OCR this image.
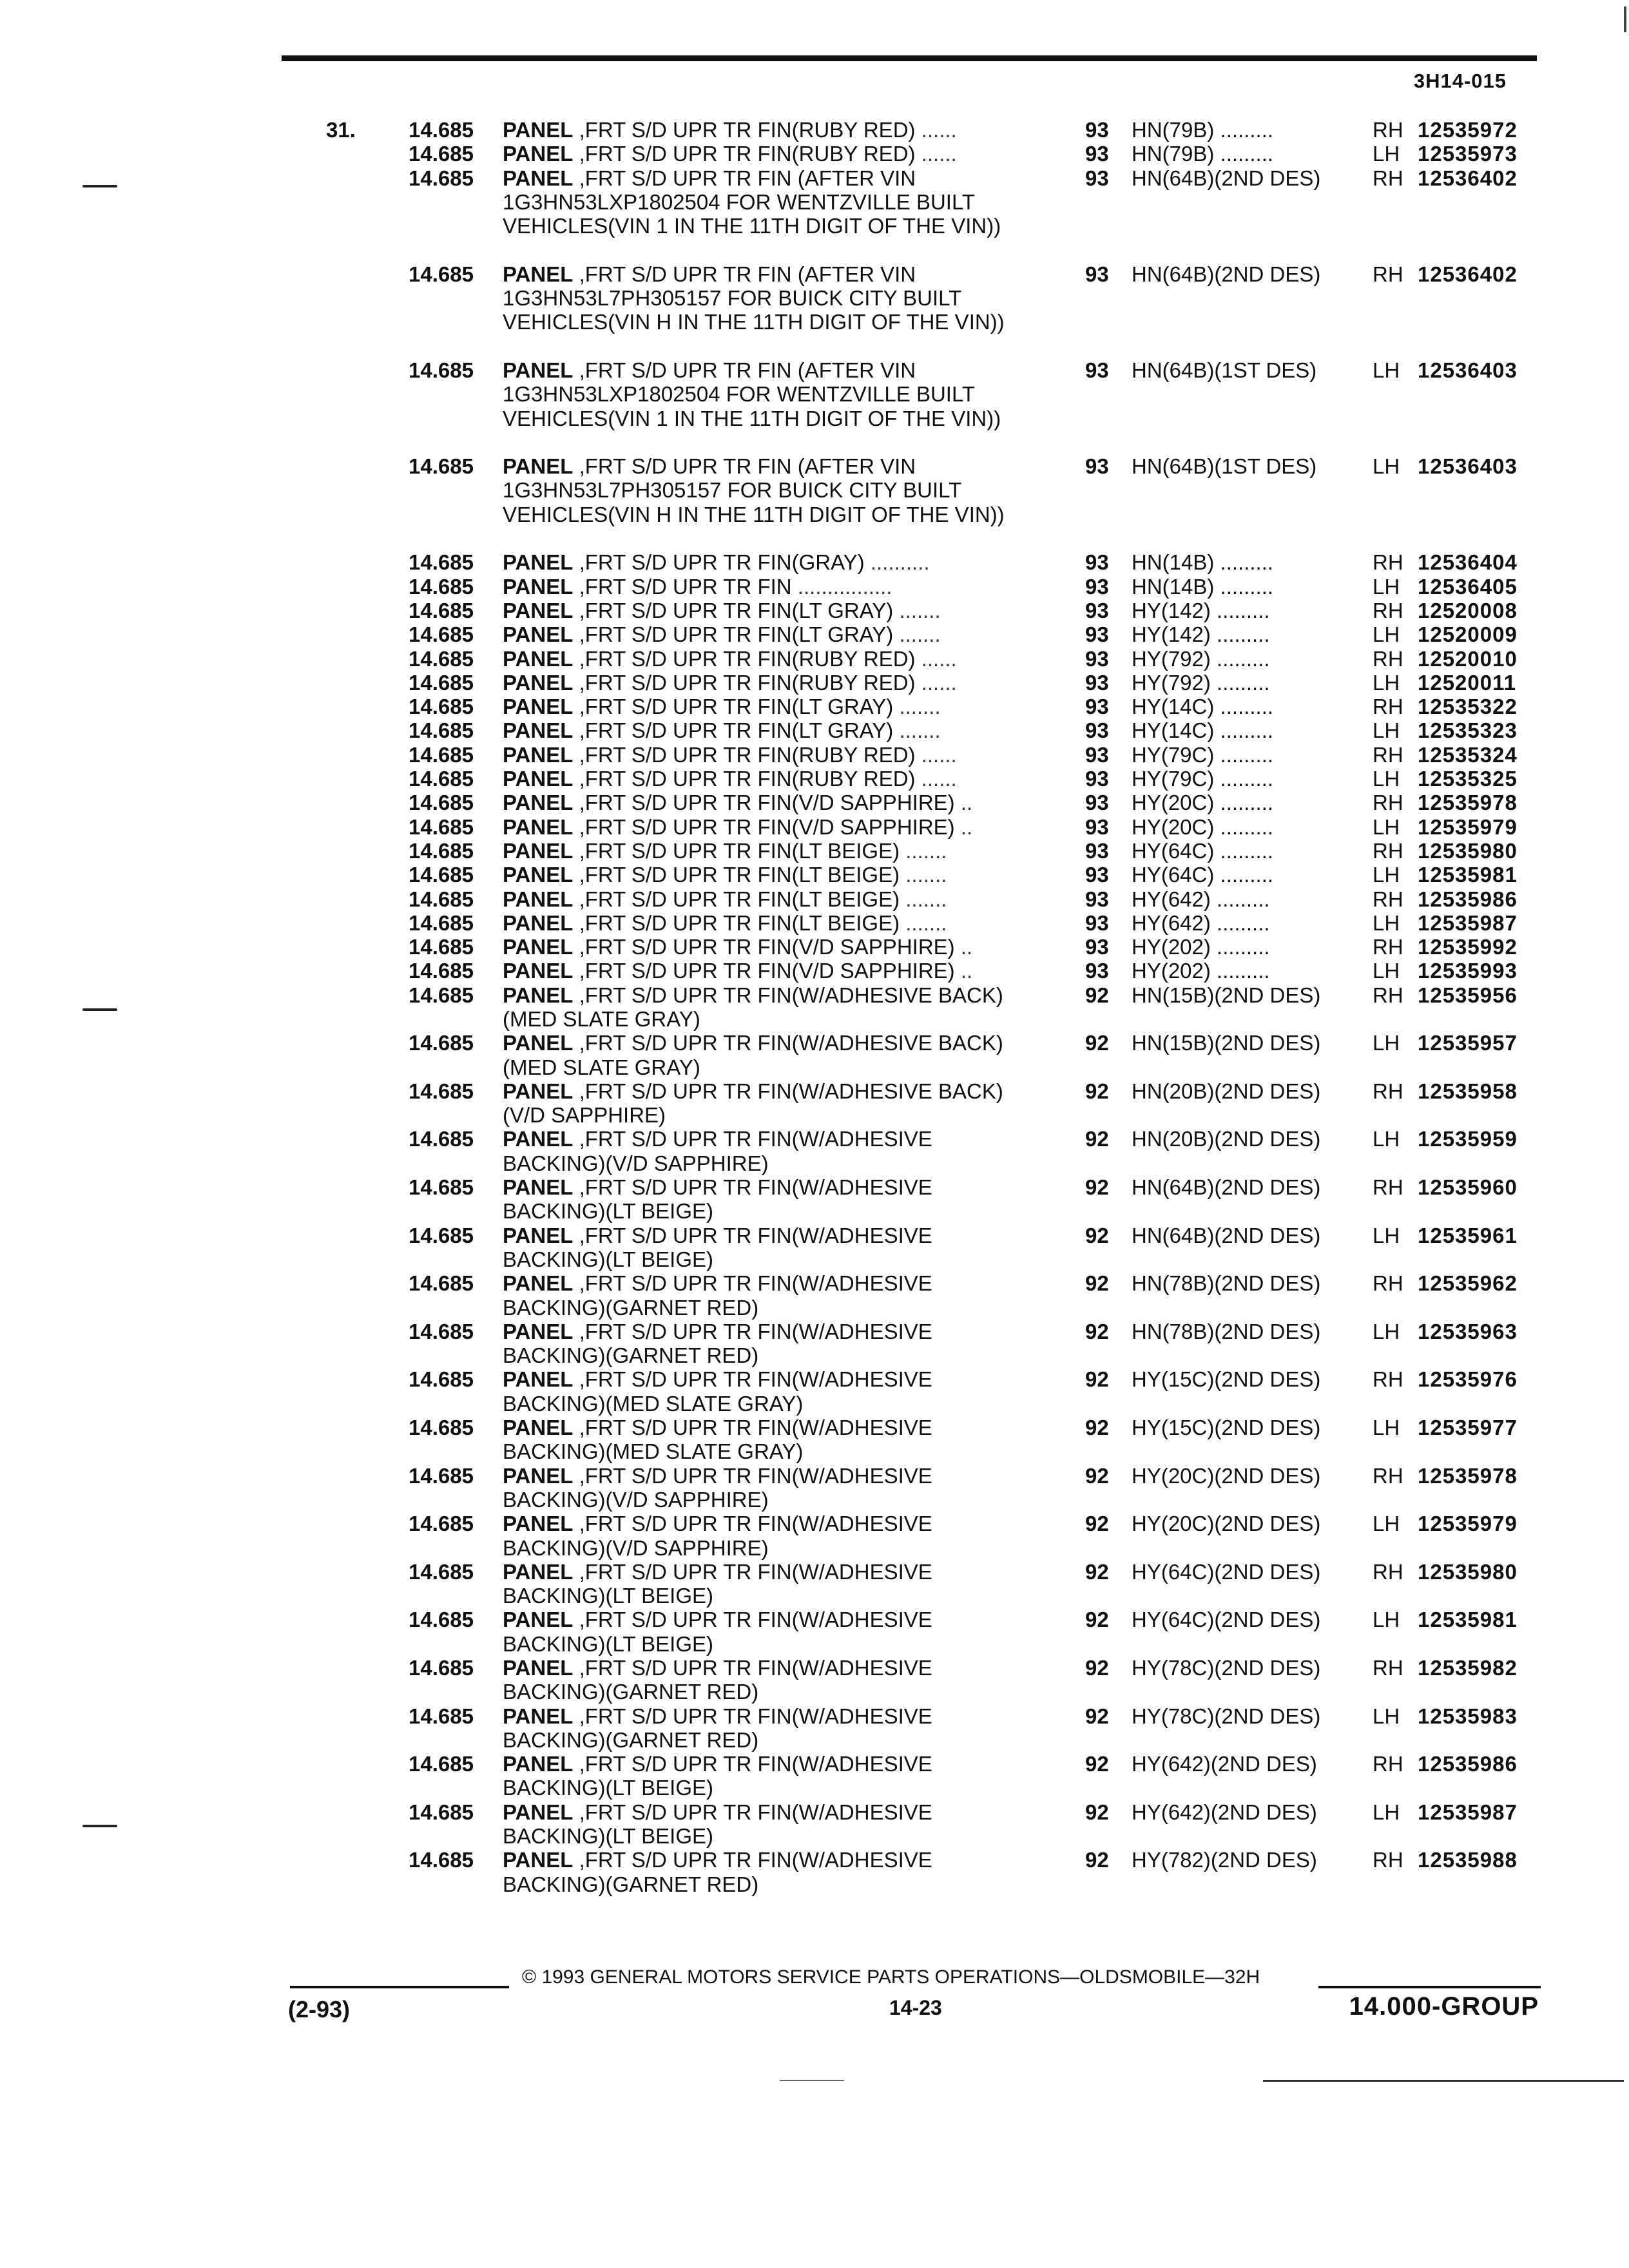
3H14-015
31. 14.685 PANEL ,FRT S/D UPR TR FIN(RUBY RED) ......	93 HN(79B) .........	RH 12535972
14.685 PANEL ,FRT S/D UPR TR FIN(RUBY RED) ......	93 HN(79B) .........	LH 12535973
14.685 PANEL ,FRT S/D UPR TR FIN (AFTER VIN 1G3HN53LXP1802504 FOR WENTZVILLE BUILT VEHICLES(VIN 1 IN THE 11TH DIGIT OF THE VIN))
93 HN(64B)(2ND DES)	RH 12536402
14.685 PANEL ,FRT S/D UPR TR FIN (AFTER VIN 1G3HN53L7PH305157 FOR BUICK CITY BUILT VEHICLES(VIN H IN THE 11TH DIGIT OF THE VIN))
93 HN(64B)(2ND DES)	RH 12536402
14.685 PANEL ,FRT S/D UPR TR FIN (AFTER VIN 1G3HN53LXP1802504 FOR WENTZVILLE BUILT VEHICLES(VIN 1 IN THE 11TH DIGIT OF THE VIN))
93 HN(64B)(1ST DES)	LH 12536403
14.685 PANEL ,FRT S/D UPR TR FIN (AFTER VIN 1G3HN53L7PH305157 FOR BUICK CITY BUILT VEHICLES(VIN H IN THE 11TH DIGIT OF THE VIN))
93 HN(64B)(1ST DES)	LH 12536403
14.685 PANEL ,FRT S/D UPR TR FIN(GRAY) ..........	93 HN(14B) .........	RH 12536404
14.685 PANEL ,FRT S/D UPR TR FIN ................	93 HN(14B) .........	LH 12536405
14.685 PANEL ,FRT S/D UPR TR FIN(LT GRAY) .......	93 HY(142) .........	RH 12520008
14.685 PANEL ,FRT S/D UPR TR FIN(LT GRAY) .......	93 HY(142) .........	LH 12520009
14.685 PANEL ,FRT S/D UPR TR FIN(RUBY RED) ......	93 HY(792) .........	RH 12520010
14.685 PANEL ,FRT S/D UPR TR FIN(RUBY RED) ......	93 HY(792) .........	LH 12520011
14.685 PANEL ,FRT S/D UPR TR FIN(LT GRAY) .......	93 HY(14C) .........	RH 12535322
14.685 PANEL ,FRT S/D UPR TR FIN(LT GRAY) .......	93 HY(14C) .........	LH 12535323
14.685 PANEL ,FRT S/D UPR TR FIN(RUBY RED) ......	93 HY(79C) .........	RH 12535324
14.685 PANEL ,FRT S/D UPR TR FIN(RUBY RED) ......	93 HY(79C) .........	LH 12535325
14.685 PANEL ,FRT S/D UPR TR FIN(V/D SAPPHIRE) ..	93 HY(20C) .........	RH 12535978
14.685 PANEL ,FRT S/D UPR TR FIN(V/D SAPPHIRE) ..	93 HY(20C) .........	LH 12535979
14.685 PANEL ,FRT S/D UPR TR FIN(LT BEIGE) .......	93 HY(64C) .........	RH 12535980
14.685 PANEL ,FRT S/D UPR TR FIN(LT BEIGE) .......	93 HY(64C) .........	LH 12535981
14.685 PANEL ,FRT S/D UPR TR FIN(LT BEIGE) .......	93 HY(642) .........	RH 12535986
14.685 PANEL ,FRT S/D UPR TR FIN(LT BEIGE) .......	93 HY(642) .........	LH 12535987
14.685 PANEL ,FRT S/D UPR TR FIN(V/D SAPPHIRE) ..	93 HY(202) .........	RH 12535992
14.685 PANEL ,FRT S/D UPR TR FIN(V/D SAPPHIRE) ..	93 HY(202) .........	LH 12535993
14.685 PANEL ,FRT S/D UPR TR FIN(W/ADHESIVE BACK)(MED SLATE GRAY)
92 HN(15B)(2ND DES)	RH 12535956
14.685 PANEL ,FRT S/D UPR TR FIN(W/ADHESIVE BACK)(MED SLATE GRAY)
92 HN(15B)(2ND DES)	LH 12535957
14.685 PANEL ,FRT S/D UPR TR FIN(W/ADHESIVE BACK)(V/D SAPPHIRE)
92 HN(20B)(2ND DES)	RH 12535958
14.685 PANEL ,FRT S/D UPR TR FIN(W/ADHESIVE BACKING)(V/D SAPPHIRE)
92 HN(20B)(2ND DES)	LH 12535959
14.685 PANEL ,FRT S/D UPR TR FIN(W/ADHESIVE BACKING)(LT BEIGE)
92 HN(64B)(2ND DES)	RH 12535960
14.685 PANEL ,FRT S/D UPR TR FIN(W/ADHESIVE BACKING)(LT BEIGE)
92 HN(64B)(2ND DES)	LH 12535961
14.685 PANEL ,FRT S/D UPR TR FIN(W/ADHESIVE BACKING)(GARNET RED)
92 HN(78B)(2ND DES)	RH 12535962
14.685 PANEL ,FRT S/D UPR TR FIN(W/ADHESIVE BACKING)(GARNET RED)
92 HN(78B)(2ND DES)	LH 12535963
14.685 PANEL ,FRT S/D UPR TR FIN(W/ADHESIVE BACKING)(MED SLATE GRAY)
92 HY(15C)(2ND DES)	RH 12535976
14.685 PANEL ,FRT S/D UPR TR FIN(W/ADHESIVE BACKING)(MED SLATE GRAY)
92 HY(15C)(2ND DES)	LH 12535977
14.685 PANEL ,FRT S/D UPR TR FIN(W/ADHESIVE BACKING)(V/D SAPPHIRE)
92 HY(20C)(2ND DES)	RH 12535978
14.685 PANEL ,FRT S/D UPR TR FIN(W/ADHESIVE BACKING)(V/D SAPPHIRE)
92 HY(20C)(2ND DES)	LH 12535979
14.685 PANEL ,FRT S/D UPR TR FIN(W/ADHESIVE BACKING)(LT BEIGE)
92 HY(64C)(2ND DES)	RH 12535980
14.685 PANEL ,FRT S/D UPR TR FIN(W/ADHESIVE BACKING)(LT BEIGE)
92 HY(64C)(2ND DES)	LH 12535981
14.685 PANEL ,FRT S/D UPR TR FIN(W/ADHESIVE BACKING)(GARNET RED)
92 HY(78C)(2ND DES)	RH 12535982
14.685 PANEL ,FRT S/D UPR TR FIN(W/ADHESIVE BACKING)(GARNET RED)
92 HY(78C)(2ND DES)	LH 12535983
14.685 PANEL ,FRT S/D UPR TR FIN(W/ADHESIVE BACKING)(LT BEIGE)
92 HY(642)(2ND DES)	RH 12535986
14.685 PANEL ,FRT S/D UPR TR FIN(W/ADHESIVE BACKING)(LT BEIGE)
92 HY(642)(2ND DES)	LH 12535987
14.685 PANEL ,FRT S/D UPR TR FIN(W/ADHESIVE BACKING)(GARNET RED)
92 HY(782)(2ND DES)	RH 12535988
© 1993 GENERAL MOTORS SERVICE PARTS OPERATIONS—OLDSMOBILE—32H
(2-93)	14-23	14.000-GROUP
